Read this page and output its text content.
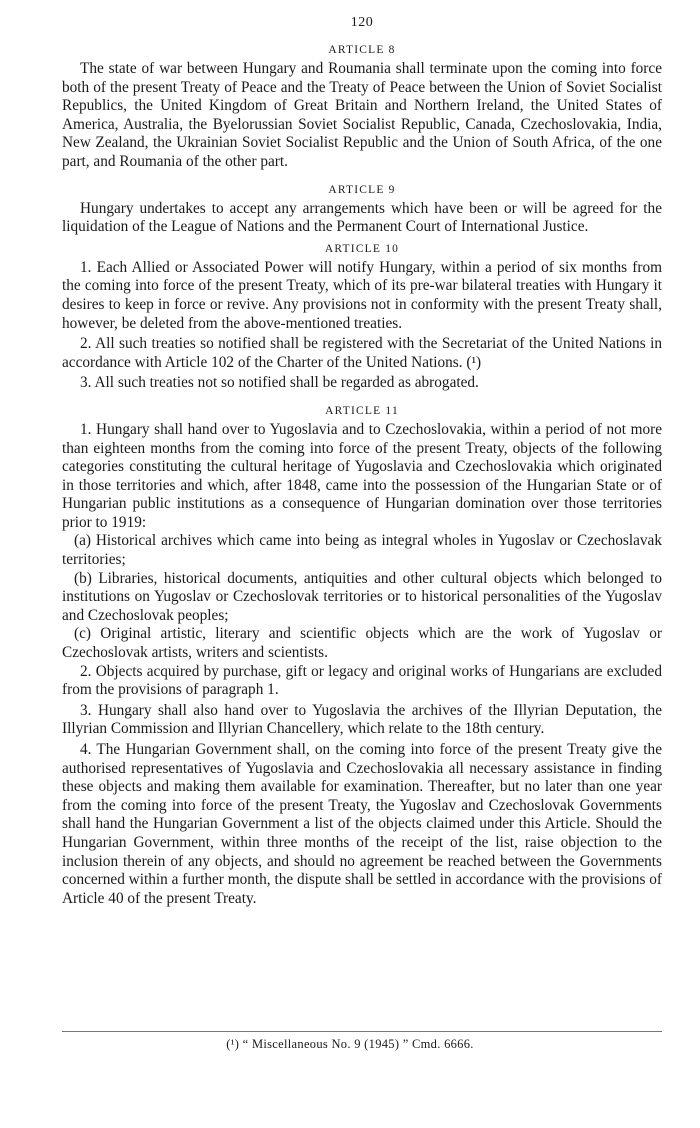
120
ARTICLE 8

The state of war between Hungary and Roumania shall terminate upon the coming into force both of the present Treaty of Peace and the Treaty of Peace between the Union of Soviet Socialist Republics, the United Kingdom of Great Britain and Northern Ireland, the United States of America, Australia, the Byelorussian Soviet Socialist Republic, Canada, Czechoslovakia, India, New Zealand, the Ukrainian Soviet Socialist Republic and the Union of South Africa, of the one part, and Roumania of the other part.

ARTICLE 9

Hungary undertakes to accept any arrangements which have been or will be agreed for the liquidation of the League of Nations and the Permanent Court of International Justice.

ARTICLE 10

1. Each Allied or Associated Power will notify Hungary, within a period of six months from the coming into force of the present Treaty, which of its pre-war bilateral treaties with Hungary it desires to keep in force or revive. Any provisions not in conformity with the present Treaty shall, however, be deleted from the above-mentioned treaties.

2. All such treaties so notified shall be registered with the Secretariat of the United Nations in accordance with Article 102 of the Charter of the United Nations. (¹)

3. All such treaties not so notified shall be regarded as abrogated.

ARTICLE 11

1. Hungary shall hand over to Yugoslavia and to Czechoslovakia, within a period of not more than eighteen months from the coming into force of the present Treaty, objects of the following categories constituting the cultural heritage of Yugoslavia and Czechoslovakia which originated in those territories and which, after 1848, came into the possession of the Hungarian State or of Hungarian public institutions as a consequence of Hungarian domination over those territories prior to 1919:

(a) Historical archives which came into being as integral wholes in Yugoslav or Czechoslavak territories;

(b) Libraries, historical documents, antiquities and other cultural objects which belonged to institutions on Yugoslav or Czechoslovak territories or to historical personalities of the Yugoslav and Czechoslovak peoples;

(c) Original artistic, literary and scientific objects which are the work of Yugoslav or Czechoslovak artists, writers and scientists.

2. Objects acquired by purchase, gift or legacy and original works of Hungarians are excluded from the provisions of paragraph 1.

3. Hungary shall also hand over to Yugoslavia the archives of the Illyrian Deputation, the Illyrian Commission and Illyrian Chancellery, which relate to the 18th century.

4. The Hungarian Government shall, on the coming into force of the present Treaty give the authorised representatives of Yugoslavia and Czechoslovakia all necessary assistance in finding these objects and making them available for examination. Thereafter, but no later than one year from the coming into force of the present Treaty, the Yugoslav and Czechoslovak Governments shall hand the Hungarian Government a list of the objects claimed under this Article. Should the Hungarian Government, within three months of the receipt of the list, raise objection to the inclusion therein of any objects, and should no agreement be reached between the Governments concerned within a further month, the dispute shall be settled in accordance with the provisions of Article 40 of the present Treaty.

(¹) “ Miscellaneous No. 9 (1945) ” Cmd. 6666.
